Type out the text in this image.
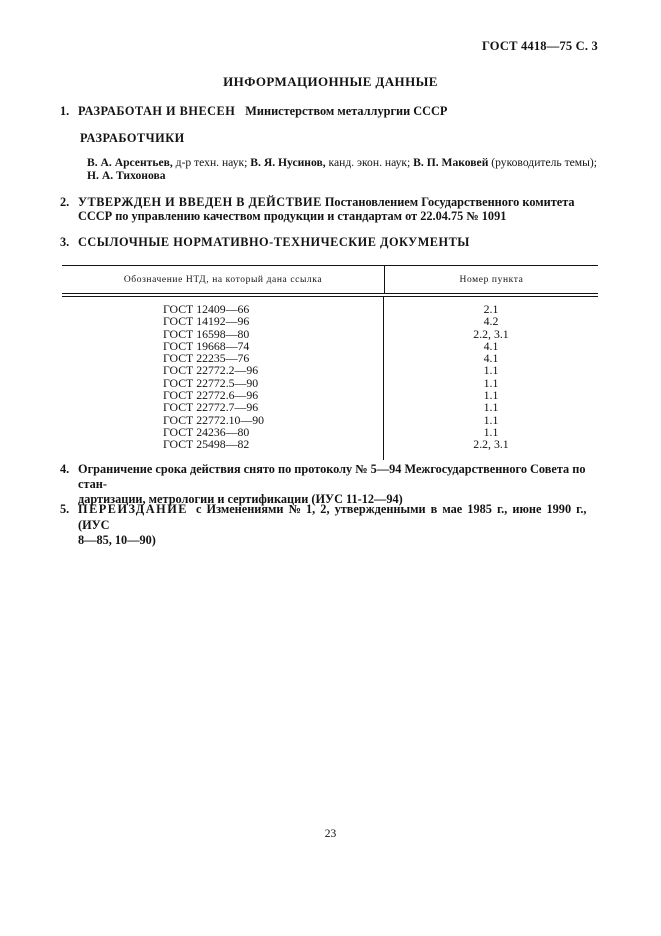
ГОСТ 4418—75 С. 3
ИНФОРМАЦИОННЫЕ ДАННЫЕ
1. РАЗРАБОТАН И ВНЕСЕН Министерством металлургии СССР
РАЗРАБОТЧИКИ
В. А. Арсентьев, д-р техн. наук; В. Я. Нусинов, канд. экон. наук; В. П. Маковей (руководитель темы); Н. А. Тихонова
2. УТВЕРЖДЕН И ВВЕДЕН В ДЕЙСТВИЕ Постановлением Государственного комитета СССР по управлению качеством продукции и стандартам от 22.04.75 № 1091
3. ССЫЛОЧНЫЕ НОРМАТИВНО-ТЕХНИЧЕСКИЕ ДОКУМЕНТЫ
Обозначение НТД, на который дана ссылка	Номер пункта
ГОСТ 12409—66
ГОСТ 14192—96
ГОСТ 16598—80
ГОСТ 19668—74
ГОСТ 22235—76
ГОСТ 22772.2—96
ГОСТ 22772.5—90
ГОСТ 22772.6—96
ГОСТ 22772.7—96
ГОСТ 22772.10—90
ГОСТ 24236—80
ГОСТ 25498—82
2.1
4.2
2.2, 3.1
4.1
4.1
1.1
1.1
1.1
1.1
1.1
1.1
2.2, 3.1
4. Ограничение срока действия снято по протоколу № 5—94 Межгосударственного Совета по стан-
дартизации, метрологии и сертификации (ИУС 11-12—94)
5. ПЕРЕИЗДАНИЕ с Изменениями № 1, 2, утвержденными в мае 1985 г., июне 1990 г., (ИУС
8—85, 10—90)
23
